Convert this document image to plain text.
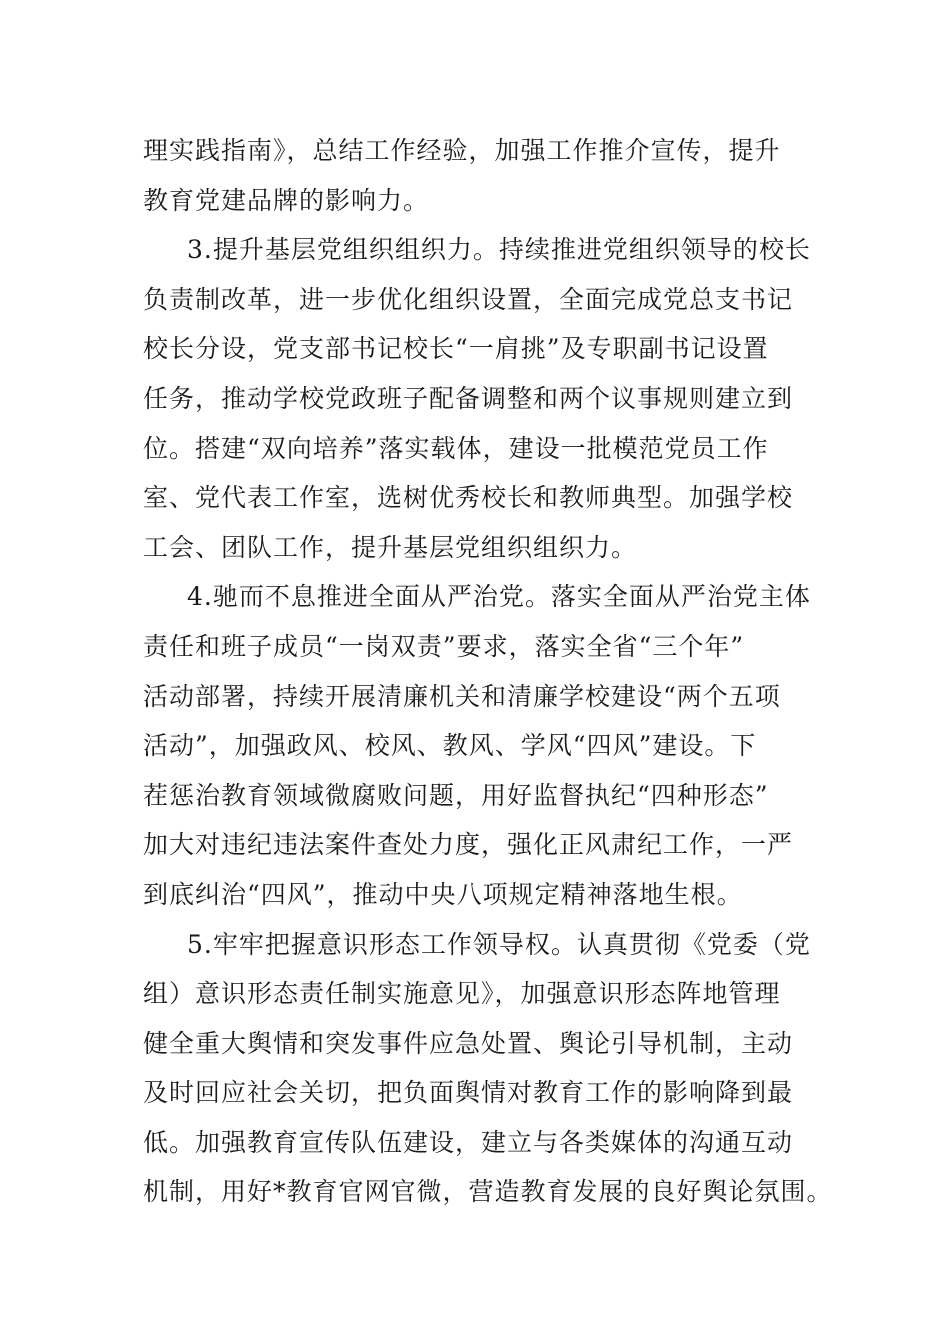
理实践指南》，总结工作经验，加强工作推介宣传，提升
教育党建品牌的影响力。
3.提升基层党组织组织力。持续推进党组织领导的校长
负责制改革，进一步优化组织设置，全面完成党总支书记
校长分设，党支部书记校长“一肩挑”及专职副书记设置
任务，推动学校党政班子配备调整和两个议事规则建立到
位。搭建“双向培养”落实载体，建设一批模范党员工作
室、党代表工作室，选树优秀校长和教师典型。加强学校
工会、团队工作，提升基层党组织组织力。
4.驰而不息推进全面从严治党。落实全面从严治党主体
责任和班子成员“一岗双责”要求，落实全省“三个年”
活动部署，持续开展清廉机关和清廉学校建设“两个五项
活动”，加强政风、校风、教风、学风“四风”建设。下
茬惩治教育领域微腐败问题，用好监督执纪“四种形态”
加大对违纪违法案件查处力度，强化正风肃纪工作，一严
到底纠治“四风”，推动中央八项规定精神落地生根。
5.牢牢把握意识形态工作领导权。认真贯彻《党委（党
组）意识形态责任制实施意见》，加强意识形态阵地管理
健全重大舆情和突发事件应急处置、舆论引导机制，主动
及时回应社会关切，把负面舆情对教育工作的影响降到最
低。加强教育宣传队伍建设，建立与各类媒体的沟通互动
机制，用好*教育官网官微，营造教育发展的良好舆论氛围。
